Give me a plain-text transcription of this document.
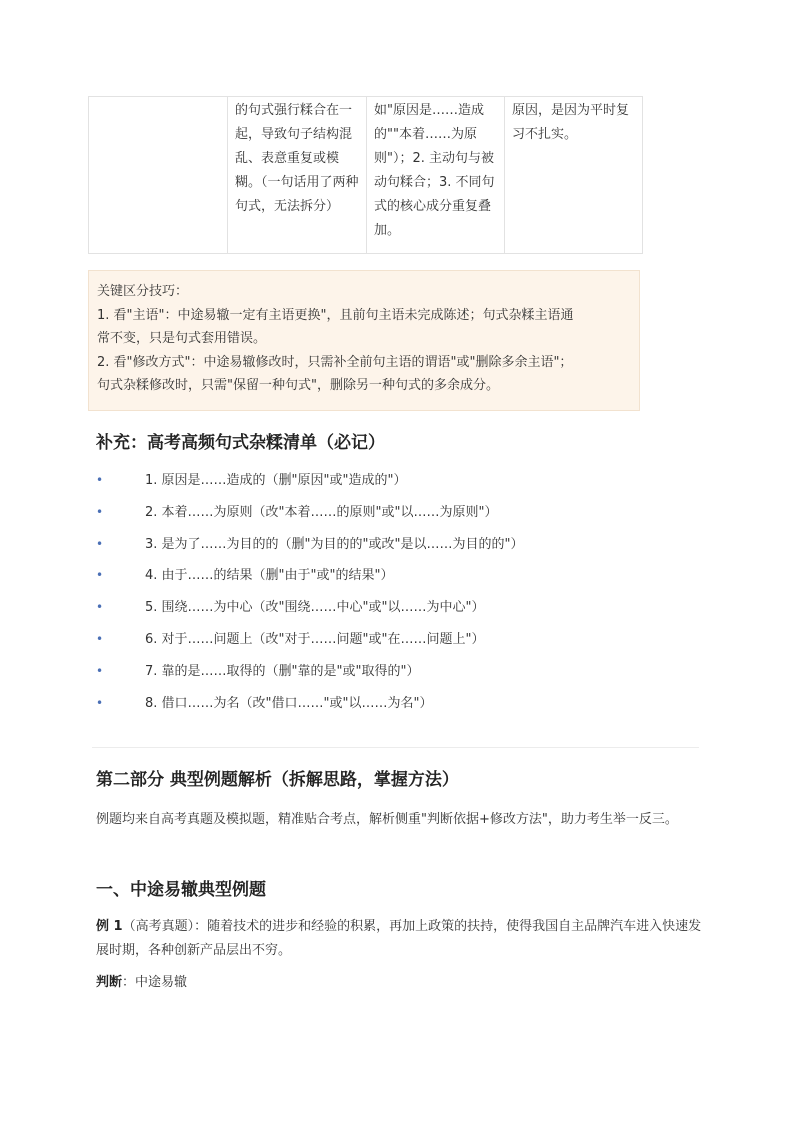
	的句式强行糅合在一起，导致句子结构混乱、表意重复或模糊。（一句话用了两种句式，无法拆分）	如"原因是……造成的""本着……为原则"）；2. 主动句与被动句糅合；3. 不同句式的核心成分重复叠加。	原因，是因为平时复习不扎实。
关键区分技巧：
1. 看"主语"：中途易辙一定有主语更换"，且前句主语未完成陈述；句式杂糅主语通
常不变，只是句式套用错误。
2. 看"修改方式"：中途易辙修改时，只需补全前句主语的谓语"或"删除多余主语"；
句式杂糅修改时，只需"保留一种句式"，删除另一种句式的多余成分。
补充：高考高频句式杂糅清单（必记）
•	1. 原因是……造成的（删"原因"或"造成的"）
•	2. 本着……为原则（改"本着……的原则"或"以……为原则"）
•	3. 是为了……为目的的（删"为目的的"或改"是以……为目的的"）
•	4. 由于……的结果（删"由于"或"的结果"）
•	5. 围绕……为中心（改"围绕……中心"或"以……为中心"）
•	6. 对于……问题上（改"对于……问题"或"在……问题上"）
•	7. 靠的是……取得的（删"靠的是"或"取得的"）
•	8. 借口……为名（改"借口……"或"以……为名"）
第二部分 典型例题解析（拆解思路，掌握方法）

例题均来自高考真题及模拟题，精准贴合考点，解析侧重"判断依据+修改方法"，助力考生举一反三。

一、中途易辙典型例题

例 1（高考真题）：随着技术的进步和经验的积累，再加上政策的扶持，使得我国自主品牌汽车进入快速发展时期，各种创新产品层出不穷。

判断：中途易辙
